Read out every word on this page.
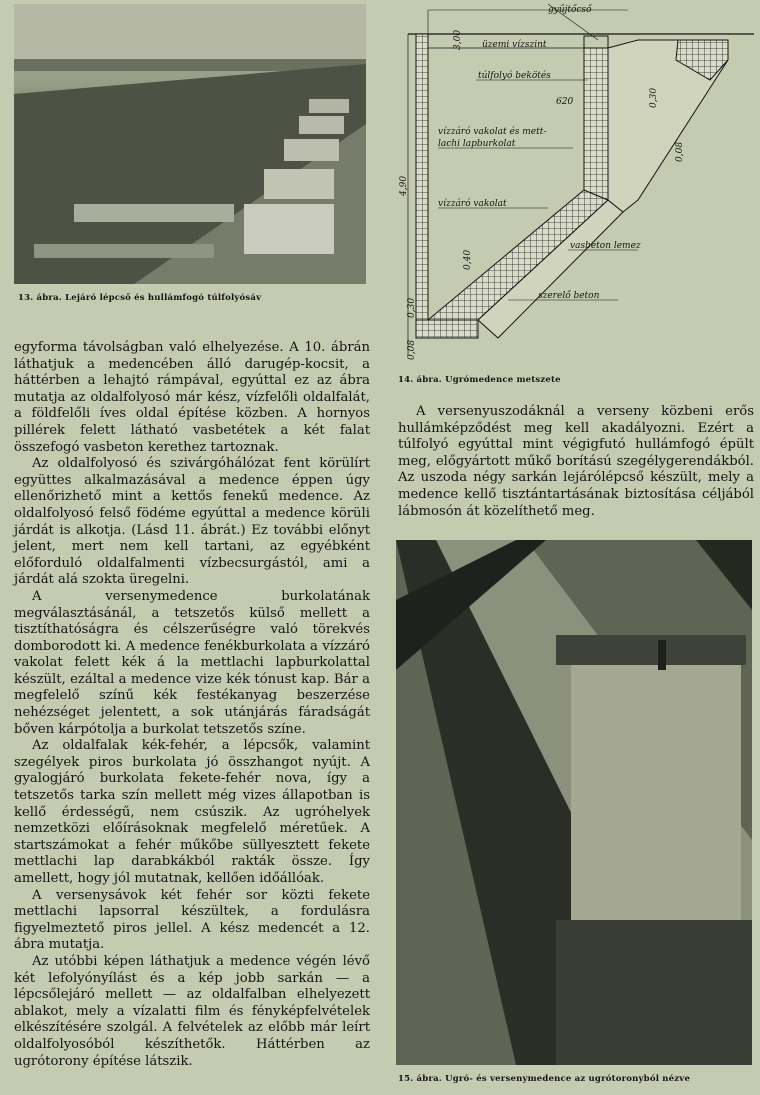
13. ábra. Lejáró lépcső és hullámfogó túlfolyósáv
gyűjtőcső
üzemi vízszint
túlfolyó bekötés
vízzáró vakolat és mett-
lachi lapburkolat
vízzáró vakolat
vasbeton lemez
szerelő beton
3,00
620	0,30
0,08
4,90
0,40
0,30
0,08
14. ábra. Ugrómedence metszete

egyforma távolságban való elhelyezése. A 10. ábrán láthatjuk a medencében álló darugép-kocsit, a háttérben a lehajtó rámpával, egyúttal ez az ábra mutatja az oldalfolyosó már kész, vízfelőli oldalfalát, a földfelőli íves oldal építése közben. A hornyos pillérek felett látható vasbetétek a két falat összefogó vasbeton kerethez tartoznak.

Az oldalfolyosó és szivárgóhálózat fent körülírt együttes alkalmazásával a medence éppen úgy ellenőrizhető mint a kettős fenekű medence. Az oldalfolyosó felső födéme egyúttal a medence körüli járdát is alkotja. (Lásd 11. ábrát.) Ez további előnyt jelent, mert nem kell tartani, az egyébként előforduló oldalfalmenti vízbecsurgástól, ami a járdát alá szokta üregelni.

A versenymedence burkolatának megválasztásánál, a tetszetős külső mellett a tisztíthatóságra és célszerűségre való törekvés domborodott ki. A medence fenékburkolata a vízzáró vakolat felett kék á la mettlachi lapburkolattal készült, ezáltal a medence vize kék tónust kap. Bár a megfelelő színű kék festékanyag beszerzése nehézséget jelentett, a sok utánjárás fáradságát bőven kárpótolja a burkolat tetszetős színe.

Az oldalfalak kék-fehér, a lépcsők, valamint szegélyek piros burkolata jó összhangot nyújt. A gyalogjáró burkolata fekete-fehér nova, így a tetszetős tarka szín mellett még vizes állapotban is kellő érdességű, nem csúszik. Az ugróhelyek nemzetközi előírásoknak megfelelő méretűek. A startszámokat a fehér műkőbe süllyesztett fekete mettlachi lap darabkákból rakták össze. Így amellett, hogy jól mutatnak, kellően időállóak.

A versenysávok két fehér sor közti fekete mettlachi lapsorral készültek, a fordulásra figyelmeztető piros jellel. A kész medencét a 12. ábra mutatja.

Az utóbbi képen láthatjuk a medence végén lévő két lefolyónyílást és a kép jobb sarkán — a lépcsőlejáró mellett — az oldalfalban elhelyezett ablakot, mely a vízalatti film és fényképfelvételek elkészítésére szolgál. A felvételek az előbb már leírt oldalfolyosóból készíthetők. Háttérben az ugrótorony építése látszik.

A versenyuszodáknál a verseny közbeni erős hullámképződést meg kell akadályozni. Ezért a túlfolyó egyúttal mint végigfutó hullámfogó épült meg, előgyártott műkő borítású szegélygerendákból. Az uszoda négy sarkán lejárólépcső készült, mely a medence kellő tisztántartásának biztosítása céljából lábmosón át közelíthető meg.

15. ábra. Ugró- és versenymedence az ugrótoronyból nézve
